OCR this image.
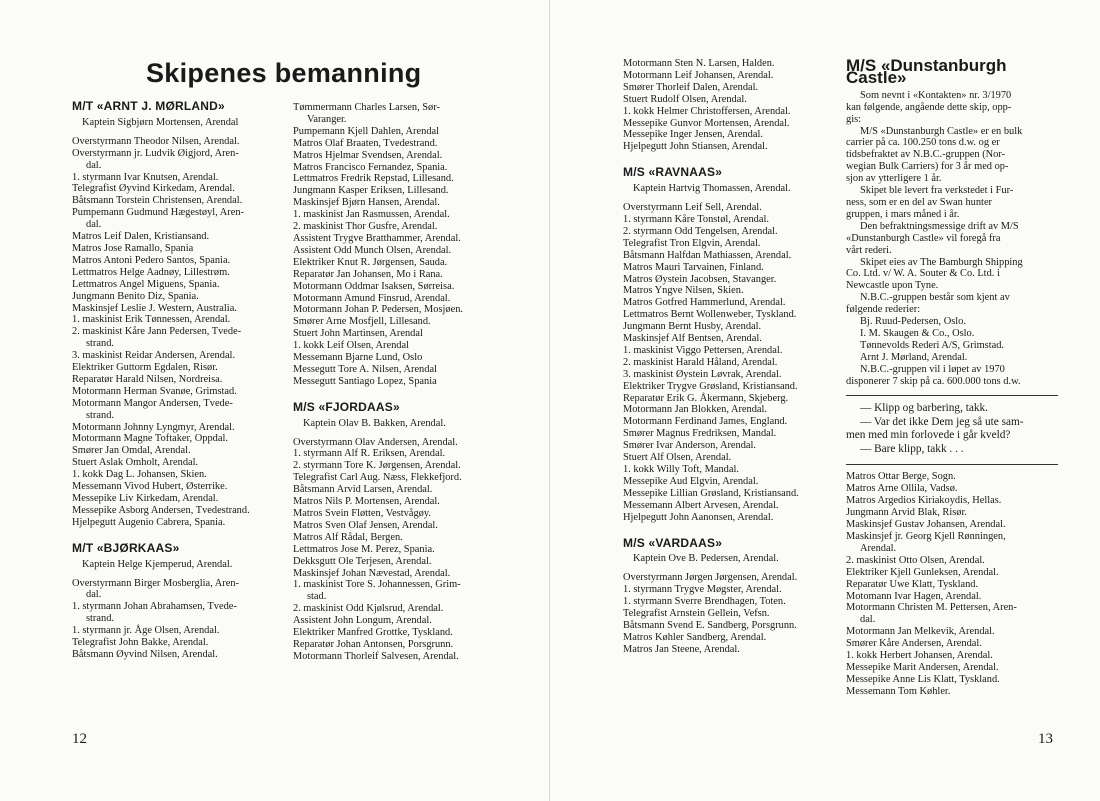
Skipenes bemanning
M/T «ARNT J. MØRLAND»
Kaptein Sigbjørn Mortensen, Arendal
Overstyrmann Theodor Nilsen, Arendal.
Overstyrmann jr. Ludvik Øigjord, Aren-
dal.
1. styrmann Ivar Knutsen, Arendal.
Telegrafist Øyvind Kirkedam, Arendal.
Båtsmann Torstein Christensen, Arendal.
Pumpemann Gudmund Hægestøyl, Aren-
dal.
Matros Leif Dalen, Kristiansand.
Matros Jose Ramallo, Spania
Matros Antoni Pedero Santos, Spania.
Lettmatros Helge Aadnøy, Lillestrøm.
Lettmatros Angel Miguens, Spania.
Jungmann Benito Diz, Spania.
Maskinsjef Leslie J. Western, Australia.
1. maskinist Erik Tønnessen, Arendal.
2. maskinist Kåre Jann Pedersen, Tvede-
strand.
3. maskinist Reidar Andersen, Arendal.
Elektriker Guttorm Egdalen, Risør.
Reparatør Harald Nilsen, Nordreisa.
Motormann Herman Svanøe, Grimstad.
Motormann Mangor Andersen, Tvede-
strand.
Motormann Johnny Lyngmyr, Arendal.
Motormann Magne Toftaker, Oppdal.
Smører Jan Omdal, Arendal.
Stuert Aslak Omholt, Arendal.
1. kokk Dag L. Johansen, Skien.
Messemann Vivod Hubert, Østerrike.
Messepike Liv Kirkedam, Arendal.
Messepike Asborg Andersen, Tvedestrand.
Hjelpegutt Augenio Cabrera, Spania.
M/T «BJØRKAAS»
Kaptein Helge Kjemperud, Arendal.
Overstyrmann Birger Mosberglia, Aren-
dal.
1. styrmann Johan Abrahamsen, Tvede-
strand.
1. styrmann jr. Åge Olsen, Arendal.
Telegrafist John Bakke, Arendal.
Båtsmann Øyvind Nilsen, Arendal.
Tømmermann Charles Larsen, Sør-
Varanger.
Pumpemann Kjell Dahlen, Arendal
Matros Olaf Braaten, Tvedestrand.
Matros Hjelmar Svendsen, Arendal.
Matros Francisco Fernandez, Spania.
Lettmatros Fredrik Repstad, Lillesand.
Jungmann Kasper Eriksen, Lillesand.
Maskinsjef Bjørn Hansen, Arendal.
1. maskinist Jan Rasmussen, Arendal.
2. maskinist Thor Gusfre, Arendal.
Assistent Trygve Bratthammer, Arendal.
Assistent Odd Munch Olsen, Arendal.
Elektriker Knut R. Jørgensen, Sauda.
Reparatør Jan Johansen, Mo i Rana.
Motormann Oddmar Isaksen, Sørreisa.
Motormann Amund Finsrud, Arendal.
Motormann Johan P. Pedersen, Mosjøen.
Smører Arne Mosfjell, Lillesand.
Stuert John Martinsen, Arendal
1. kokk Leif Olsen, Arendal
Messemann Bjarne Lund, Oslo
Messegutt Tore A. Nilsen, Arendal
Messegutt Santiago Lopez, Spania
M/S «FJORDAAS»
Kaptein Olav B. Bakken, Arendal.
Overstyrmann Olav Andersen, Arendal.
1. styrmann Alf R. Eriksen, Arendal.
2. styrmann Tore K. Jørgensen, Arendal.
Telegrafist Carl Aug. Næss, Flekkefjord.
Båtsmann Arvid Larsen, Arendal.
Matros Nils P. Mortensen, Arendal.
Matros Svein Fløtten, Vestvågøy.
Matros Sven Olaf Jensen, Arendal.
Matros Alf Rådal, Bergen.
Lettmatros Jose M. Perez, Spania.
Dekksgutt Ole Terjesen, Arendal.
Maskinsjef Johan Nævestad, Arendal.
1. maskinist Tore S. Johannessen, Grim-
stad.
2. maskinist Odd Kjølsrud, Arendal.
Assistent John Longum, Arendal.
Elektriker Manfred Grottke, Tyskland.
Reparatør Johan Antonsen, Porsgrunn.
Motormann Thorleif Salvesen, Arendal.
12
Motormann Sten N. Larsen, Halden.
Motormann Leif Johansen, Arendal.
Smører Thorleif Dalen, Arendal.
Stuert Rudolf Olsen, Arendal.
1. kokk Helmer Christoffersen, Arendal.
Messepike Gunvor Mortensen, Arendal.
Messepike Inger Jensen, Arendal.
Hjelpegutt John Stiansen, Arendal.
M/S «RAVNAAS»
Kaptein Hartvig Thomassen, Arendal.
Overstyrmann Leif Sell, Arendal.
1. styrmann Kåre Tonstøl, Arendal.
2. styrmann Odd Tengelsen, Arendal.
Telegrafist Tron Elgvin, Arendal.
Båtsmann Halfdan Mathiassen, Arendal.
Matros Mauri Tarvainen, Finland.
Matros Øystein Jacobsen, Stavanger.
Matros Yngve Nilsen, Skien.
Matros Gotfred Hammerlund, Arendal.
Lettmatros Bernt Wollenweber, Tyskland.
Jungmann Bernt Husby, Arendal.
Maskinsjef Alf Bentsen, Arendal.
1. maskinist Viggo Pettersen, Arendal.
2. maskinist Harald Håland, Arendal.
3. maskinist Øystein Løvrak, Arendal.
Elektriker Trygve Grøsland, Kristiansand.
Reparatør Erik G. Åkermann, Skjeberg.
Motormann Jan Blokken, Arendal.
Motormann Ferdinand James, England.
Smører Magnus Fredriksen, Mandal.
Smører Ivar Anderson, Arendal.
Stuert Alf Olsen, Arendal.
1. kokk Willy Toft, Mandal.
Messepike Aud Elgvin, Arendal.
Messepike Lillian Grøsland, Kristiansand.
Messemann Albert Arvesen, Arendal.
Hjelpegutt John Aanonsen, Arendal.
M/S «VARDAAS»
Kaptein Ove B. Pedersen, Arendal.
Overstyrmann Jørgen Jørgensen, Arendal.
1. styrmann Trygve Møgster, Arendal.
1. styrmann Sverre Brendhagen, Toten.
Telegrafist Arnstein Gellein, Vefsn.
Båtsmann Svend E. Sandberg, Porsgrunn.
Matros Køhler Sandberg, Arendal.
Matros Jan Steene, Arendal.
M/S «Dunstanburgh Castle»
Som nevnt i «Kontakten» nr. 3/1970
kan følgende, angående dette skip, opp-
gis:
M/S «Dunstanburgh Castle» er en bulk
carrier på ca. 100.250 tons d.w. og er
tidsbefraktet av N.B.C.-gruppen (Nor-
wegian Bulk Carriers) for 3 år med op-
sjon av ytterligere 1 år.
Skipet ble levert fra verkstedet i Fur-
ness, som er en del av Swan hunter
gruppen, i mars måned i år.
Den befraktningsmessige drift av M/S
«Dunstanburgh Castle» vil foregå fra
vårt rederi.
Skipet eies av The Bamburgh Shipping
Co. Ltd. v/ W. A. Souter & Co. Ltd. i
Newcastle upon Tyne.
N.B.C.-gruppen består som kjent av
følgende rederier:
Bj. Ruud-Pedersen, Oslo.
I. M. Skaugen & Co., Oslo.
Tønnevolds Rederi A/S, Grimstad.
Arnt J. Mørland, Arendal.
N.B.C.-gruppen vil i løpet av 1970
disponerer 7 skip på ca. 600.000 tons d.w.
— Klipp og barbering, takk.
— Var det ikke Dem jeg så ute sam-
men med min forlovede i går kveld?
— Bare klipp, takk . . .
Matros Ottar Berge, Sogn.
Matros Arne Ollila, Vadsø.
Matros Argedios Kiriakoydis, Hellas.
Jungmann Arvid Blak, Risør.
Maskinsjef Gustav Johansen, Arendal.
Maskinsjef jr. Georg Kjell Rønningen,
Arendal.
2. maskinist Otto Olsen, Arendal.
Elektriker Kjell Gunleksen, Arendal.
Reparatør Uwe Klatt, Tyskland.
Motomann Ivar Hagen, Arendal.
Motormann Christen M. Pettersen, Aren-
dal.
Motormann Jan Melkevik, Arendal.
Smører Kåre Andersen, Arendal.
1. kokk Herbert Johansen, Arendal.
Messepike Marit Andersen, Arendal.
Messepike Anne Lis Klatt, Tyskland.
Messemann Tom Køhler.
13
